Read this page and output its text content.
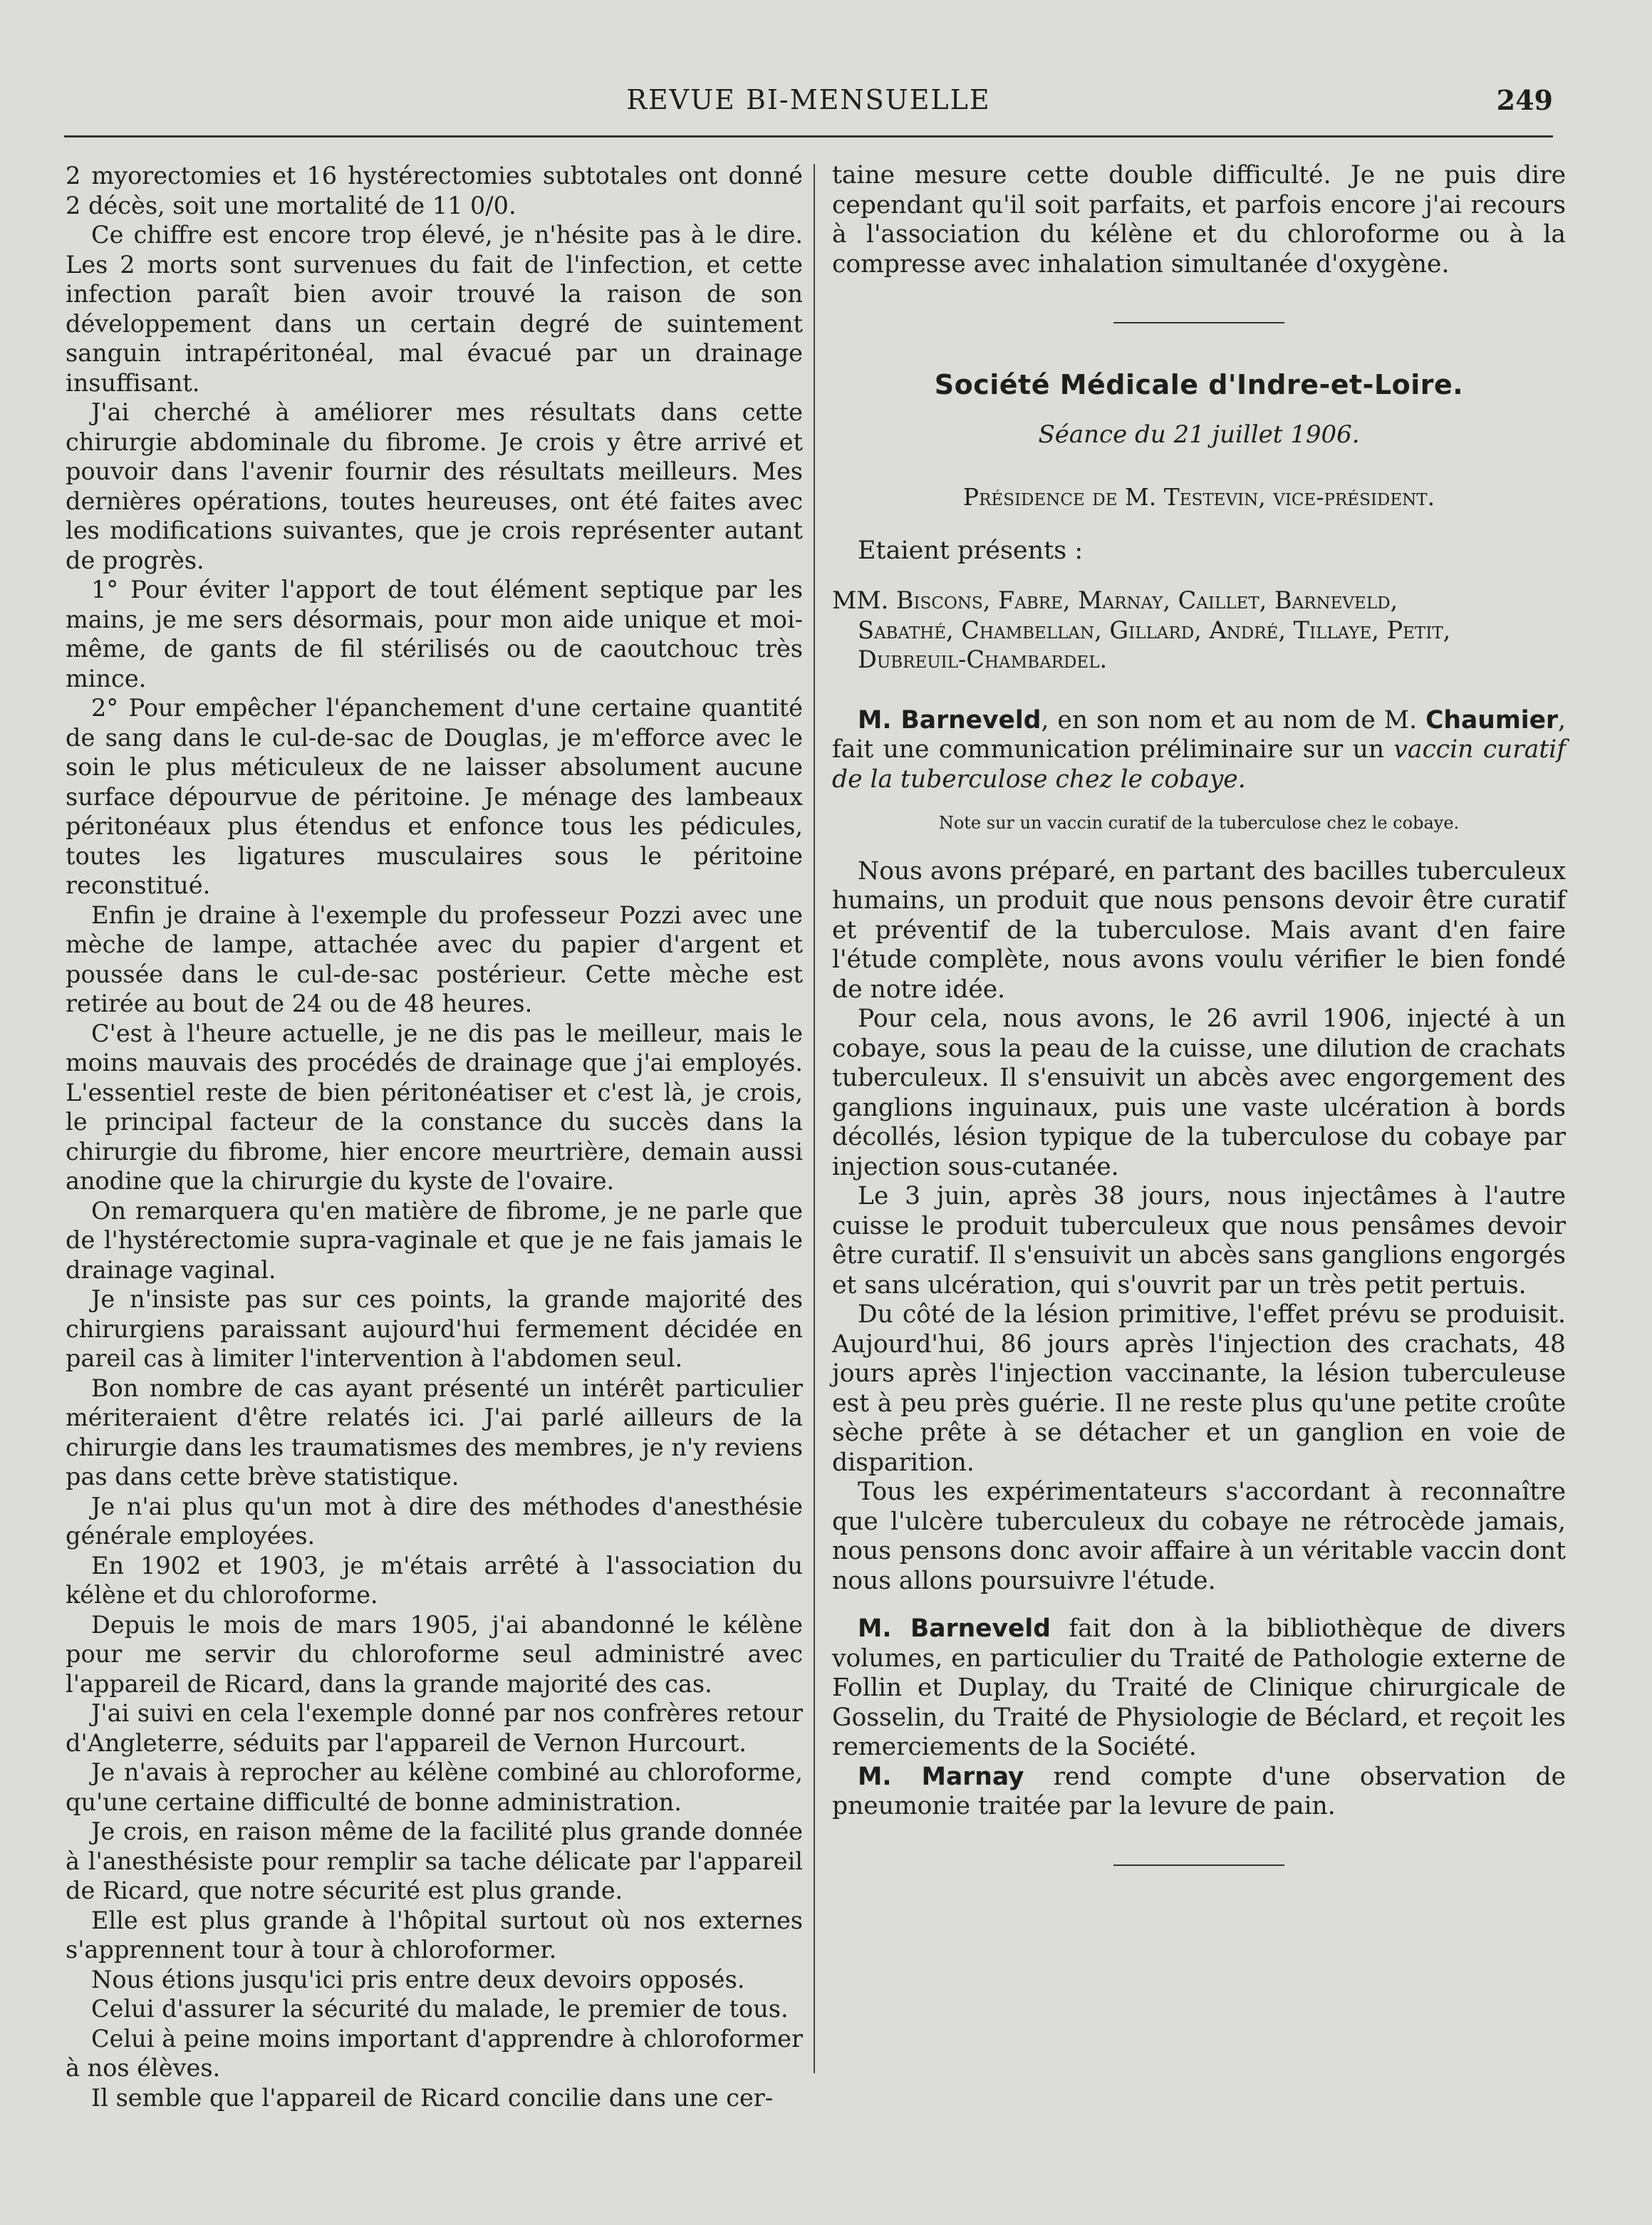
REVUE BI-MENSUELLE	249

2 myorectomies et 16 hystérectomies subtotales ont donné 2 décès, soit une mortalité de 11 0/0.

Ce chiffre est encore trop élevé, je n'hésite pas à le dire. Les 2 morts sont survenues du fait de l'infection, et cette infection paraît bien avoir trouvé la raison de son développement dans un certain degré de suintement sanguin intrapéritonéal, mal évacué par un drainage insuffisant.

J'ai cherché à améliorer mes résultats dans cette chirurgie abdominale du fibrome. Je crois y être arrivé et pouvoir dans l'avenir fournir des résultats meilleurs. Mes dernières opérations, toutes heureuses, ont été faites avec les modifications suivantes, que je crois représenter autant de progrès.

1° Pour éviter l'apport de tout élément septique par les mains, je me sers désormais, pour mon aide unique et moi-même, de gants de fil stérilisés ou de caoutchouc très mince.

2° Pour empêcher l'épanchement d'une certaine quantité de sang dans le cul-de-sac de Douglas, je m'efforce avec le soin le plus méticuleux de ne laisser absolument aucune surface dépourvue de péritoine. Je ménage des lambeaux péritonéaux plus étendus et enfonce tous les pédicules, toutes les ligatures musculaires sous le péritoine reconstitué.

Enfin je draine à l'exemple du professeur Pozzi avec une mèche de lampe, attachée avec du papier d'argent et poussée dans le cul-de-sac postérieur. Cette mèche est retirée au bout de 24 ou de 48 heures.

C'est à l'heure actuelle, je ne dis pas le meilleur, mais le moins mauvais des procédés de drainage que j'ai employés. L'essentiel reste de bien péritonéatiser et c'est là, je crois, le principal facteur de la constance du succès dans la chirurgie du fibrome, hier encore meurtrière, demain aussi anodine que la chirurgie du kyste de l'ovaire.

On remarquera qu'en matière de fibrome, je ne parle que de l'hystérectomie supra-vaginale et que je ne fais jamais le drainage vaginal.

Je n'insiste pas sur ces points, la grande majorité des chirurgiens paraissant aujourd'hui fermement décidée en pareil cas à limiter l'intervention à l'abdomen seul.

Bon nombre de cas ayant présenté un intérêt particulier mériteraient d'être relatés ici. J'ai parlé ailleurs de la chirurgie dans les traumatismes des membres, je n'y reviens pas dans cette brève statistique.

Je n'ai plus qu'un mot à dire des méthodes d'anesthésie générale employées.

En 1902 et 1903, je m'étais arrêté à l'association du kélène et du chloroforme.

Depuis le mois de mars 1905, j'ai abandonné le kélène pour me servir du chloroforme seul administré avec l'appareil de Ricard, dans la grande majorité des cas.

J'ai suivi en cela l'exemple donné par nos confrères retour d'Angleterre, séduits par l'appareil de Vernon Hurcourt.

Je n'avais à reprocher au kélène combiné au chloroforme, qu'une certaine difficulté de bonne administration.

Je crois, en raison même de la facilité plus grande donnée à l'anesthésiste pour remplir sa tache délicate par l'appareil de Ricard, que notre sécurité est plus grande.

Elle est plus grande à l'hôpital surtout où nos externes s'apprennent tour à tour à chloroformer.

Nous étions jusqu'ici pris entre deux devoirs opposés.

Celui d'assurer la sécurité du malade, le premier de tous.

Celui à peine moins important d'apprendre à chloroformer à nos élèves.

Il semble que l'appareil de Ricard concilie dans une cer-

taine mesure cette double difficulté. Je ne puis dire cependant qu'il soit parfaits, et parfois encore j'ai recours à l'association du kélène et du chloroforme ou à la compresse avec inhalation simultanée d'oxygène.

Société Médicale d'Indre-et-Loire.
Séance du 21 juillet 1906.
Présidence de M. Testevin, vice-président.
Etaient présents :
MM. Biscons, Fabre, Marnay, Caillet, Barneveld,
Sabathé, Chambellan, Gillard, André, Tillaye, Petit, Dubreuil-Chambardel.

M. Barneveld, en son nom et au nom de M. Chaumier, fait une communication préliminaire sur un vaccin curatif de la tuberculose chez le cobaye.

Note sur un vaccin curatif de la tuberculose chez le cobaye.

Nous avons préparé, en partant des bacilles tuberculeux humains, un produit que nous pensons devoir être curatif et préventif de la tuberculose. Mais avant d'en faire l'étude complète, nous avons voulu vérifier le bien fondé de notre idée.

Pour cela, nous avons, le 26 avril 1906, injecté à un cobaye, sous la peau de la cuisse, une dilution de crachats tuberculeux. Il s'ensuivit un abcès avec engorgement des ganglions inguinaux, puis une vaste ulcération à bords décollés, lésion typique de la tuberculose du cobaye par injection sous-cutanée.

Le 3 juin, après 38 jours, nous injectâmes à l'autre cuisse le produit tuberculeux que nous pensâmes devoir être curatif. Il s'ensuivit un abcès sans ganglions engorgés et sans ulcération, qui s'ouvrit par un très petit pertuis.

Du côté de la lésion primitive, l'effet prévu se produisit. Aujourd'hui, 86 jours après l'injection des crachats, 48 jours après l'injection vaccinante, la lésion tuberculeuse est à peu près guérie. Il ne reste plus qu'une petite croûte sèche prête à se détacher et un ganglion en voie de disparition.

Tous les expérimentateurs s'accordant à reconnaître que l'ulcère tuberculeux du cobaye ne rétrocède jamais, nous pensons donc avoir affaire à un véritable vaccin dont nous allons poursuivre l'étude.

M. Barneveld fait don à la bibliothèque de divers volumes, en particulier du Traité de Pathologie externe de Follin et Duplay, du Traité de Clinique chirurgicale de Gosselin, du Traité de Physiologie de Béclard, et reçoit les remerciements de la Société.

M. Marnay rend compte d'une observation de pneumonie traitée par la levure de pain.
